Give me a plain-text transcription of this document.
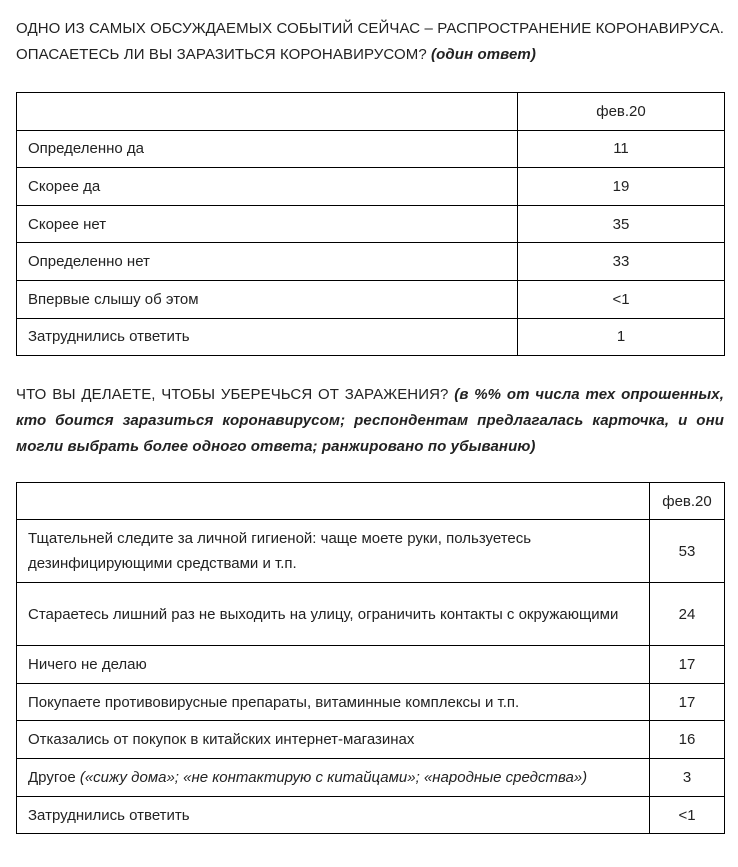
ОДНО ИЗ САМЫХ ОБСУЖДАЕМЫХ СОБЫТИЙ СЕЙЧАС – РАСПРОСТРАНЕНИЕ КОРОНАВИРУСА. ОПАСАЕТЕСЬ ЛИ ВЫ ЗАРАЗИТЬСЯ КОРОНАВИРУСОМ? (один ответ)

	фев.20
Определенно да	11
Скорее да	19
Скорее нет	35
Определенно нет	33
Впервые слышу об этом	<1
Затруднились ответить	1

ЧТО ВЫ ДЕЛАЕТЕ, ЧТОБЫ УБЕРЕЧЬСЯ ОТ ЗАРАЖЕНИЯ? (в %% от числа тех опрошенных, кто боится заразиться коронавирусом; респондентам предлагалась карточка, и они могли выбрать более одного ответа; ранжировано по убыванию)

	фев.20
Тщательней следите за личной гигиеной: чаще моете руки, пользуетесь дезинфицирующими средствами и т.п.	53
Стараетесь лишний раз не выходить на улицу, ограничить контакты с окружающими	24
Ничего не делаю	17
Покупаете противовирусные препараты, витаминные комплексы и т.п.	17
Отказались от покупок в китайских интернет-магазинах	16
Другое («сижу дома»; «не контактирую с китайцами»; «народные средства»)	3
Затруднились ответить	<1
